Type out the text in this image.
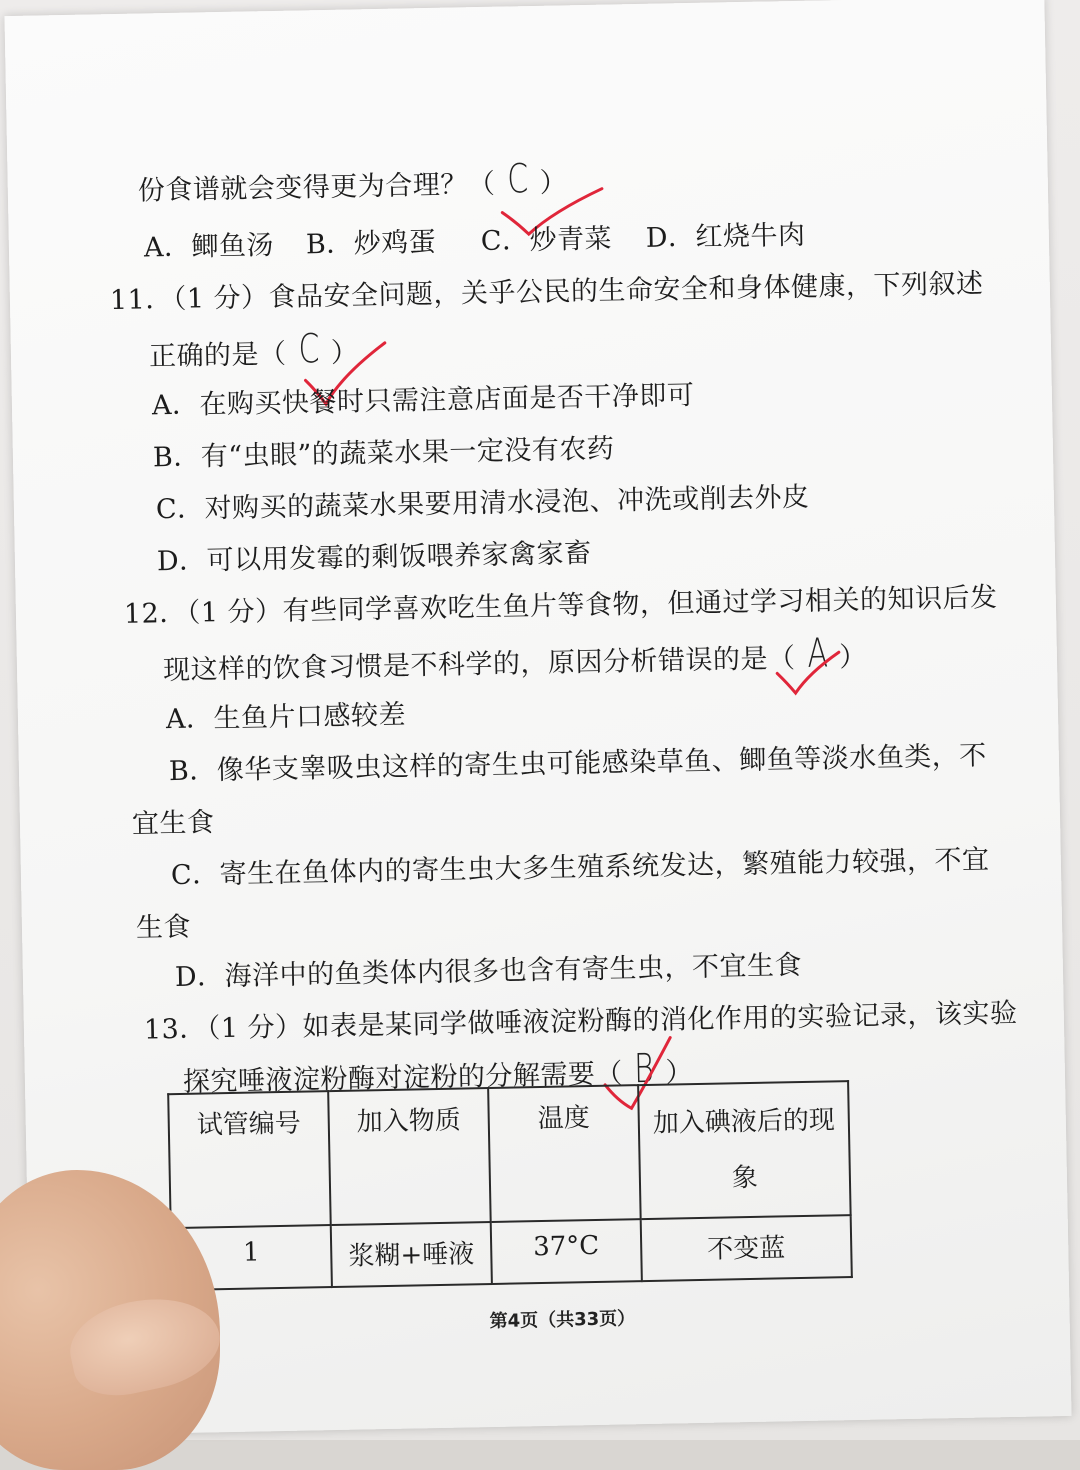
份食谱就会变得更为合理？（ C ）
A．鲫鱼汤 B．炒鸡蛋 C．炒青菜 D．红烧牛肉
11．（1 分）食品安全问题，关乎公民的生命安全和身体健康，下列叙述
正确的是（ C ）
A．在购买快餐时只需注意店面是否干净即可
B．有“虫眼”的蔬菜水果一定没有农药
C．对购买的蔬菜水果要用清水浸泡、冲洗或削去外皮
D．可以用发霉的剩饭喂养家禽家畜
12．（1 分）有些同学喜欢吃生鱼片等食物，但通过学习相关的知识后发
现这样的饮食习惯是不科学的，原因分析错误的是（ A ）
A．生鱼片口感较差
B．像华支睾吸虫这样的寄生虫可能感染草鱼、鲫鱼等淡水鱼类，不
宜生食
C．寄生在鱼体内的寄生虫大多生殖系统发达，繁殖能力较强，不宜
生食
D．海洋中的鱼类体内很多也含有寄生虫，不宜生食
13．（1 分）如表是某同学做唾液淀粉酶的消化作用的实验记录，该实验
探究唾液淀粉酶对淀粉的分解需要（ B ）
试管编号	加入物质	温度	加入碘液后的现象
1	浆糊+唾液	37°C	不变蓝
第4页（共33页）
